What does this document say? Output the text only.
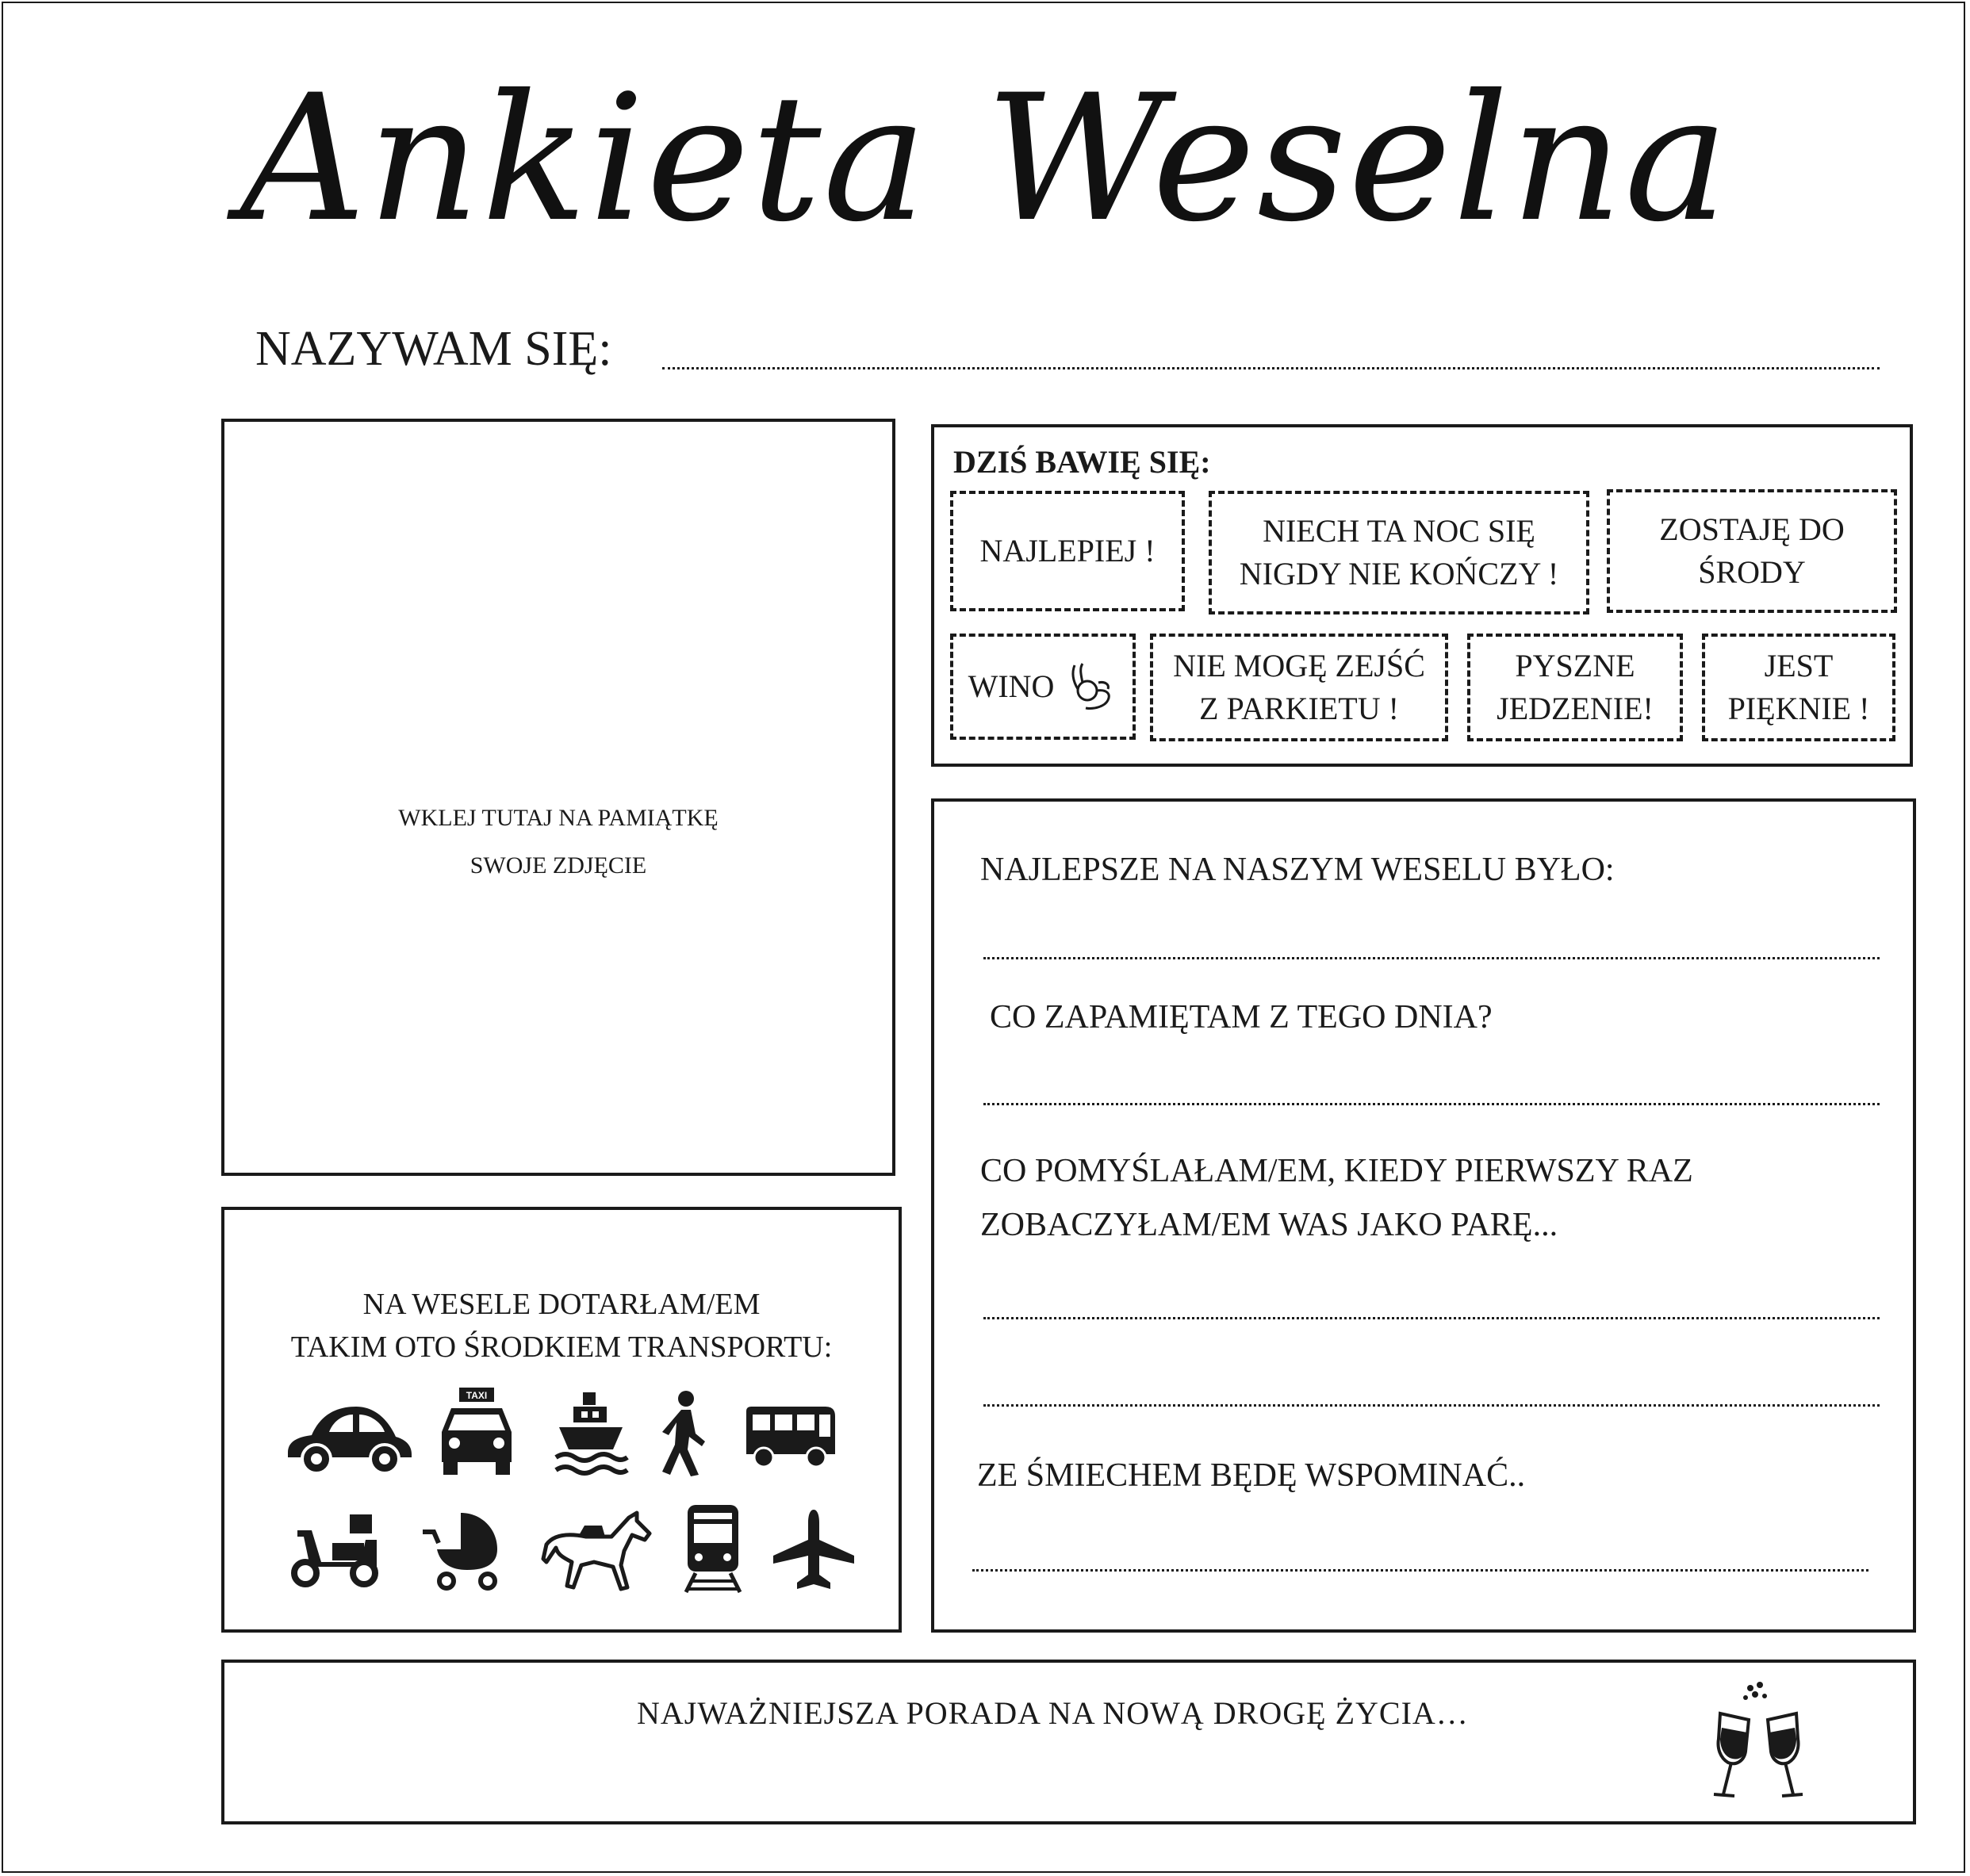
Ankieta Weselna
NAZYWAM SIĘ:
WKLEJ TUTAJ NA PAMIĄTKĘ
SWOJE ZDJĘCIE
DZIŚ BAWIĘ SIĘ:
NAJLEPIEJ !
NIECH TA NOC SIĘ
NIGDY NIE KOŃCZY !
ZOSTAJĘ DO
ŚRODY
WINO
NIE MOGĘ ZEJŚĆ
Z PARKIETU !
PYSZNE
JEDZENIE!
JEST
PIĘKNIE !
NAJLEPSZE NA NASZYM WESELU BYŁO:
CO ZAPAMIĘTAM Z TEGO DNIA?
CO POMYŚLAŁAM/EM, KIEDY PIERWSZY RAZ
ZOBACZYŁAM/EM WAS JAKO PARĘ...
ZE ŚMIECHEM BĘDĘ WSPOMINAĆ..
NA WESELE DOTARŁAM/EM
TAKIM OTO ŚRODKIEM TRANSPORTU:
TAXI
NAJWAŻNIEJSZA PORADA NA NOWĄ DROGĘ ŻYCIA…
